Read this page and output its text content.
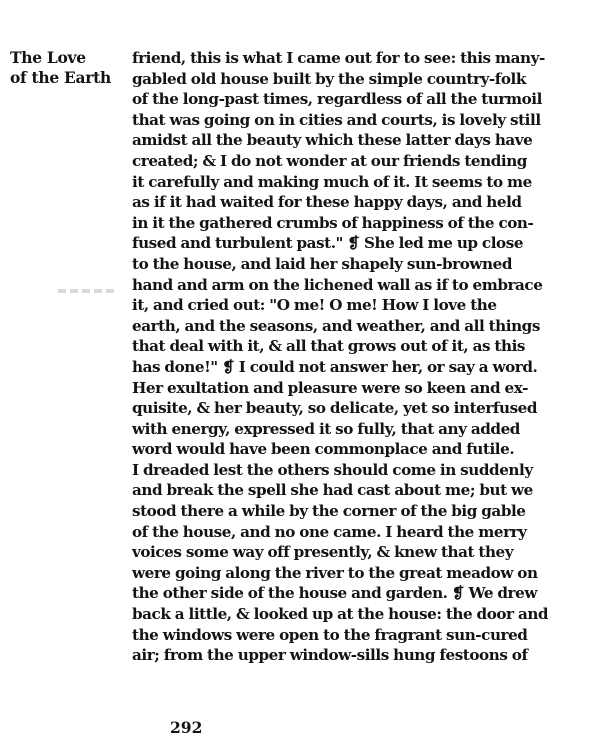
The Love
of the Earth
friend, this is what I came out for to see: this many-
gabled old house built by the simple country-folk
of the long-past times, regardless of all the turmoil
that was going on in cities and courts, is lovely still
amidst all the beauty which these latter days have
created; & I do not wonder at our friends tending
it carefully and making much of it. It seems to me
as if it had waited for these happy days, and held
in it the gathered crumbs of happiness of the con-
fused and turbulent past." ❡ She led me up close
to the house, and laid her shapely sun-browned
hand and arm on the lichened wall as if to embrace
it, and cried out: "O me! O me! How I love the
earth, and the seasons, and weather, and all things
that deal with it, & all that grows out of it, as this
has done!" ❡ I could not answer her, or say a word.
Her exultation and pleasure were so keen and ex-
quisite, & her beauty, so delicate, yet so interfused
with energy, expressed it so fully, that any added
word would have been commonplace and futile.
I dreaded lest the others should come in suddenly
and break the spell she had cast about me; but we
stood there a while by the corner of the big gable
of the house, and no one came. I heard the merry
voices some way off presently, & knew that they
were going along the river to the great meadow on
the other side of the house and garden. ❡ We drew
back a little, & looked up at the house: the door and
the windows were open to the fragrant sun-cured
air; from the upper window-sills hung festoons of
292
